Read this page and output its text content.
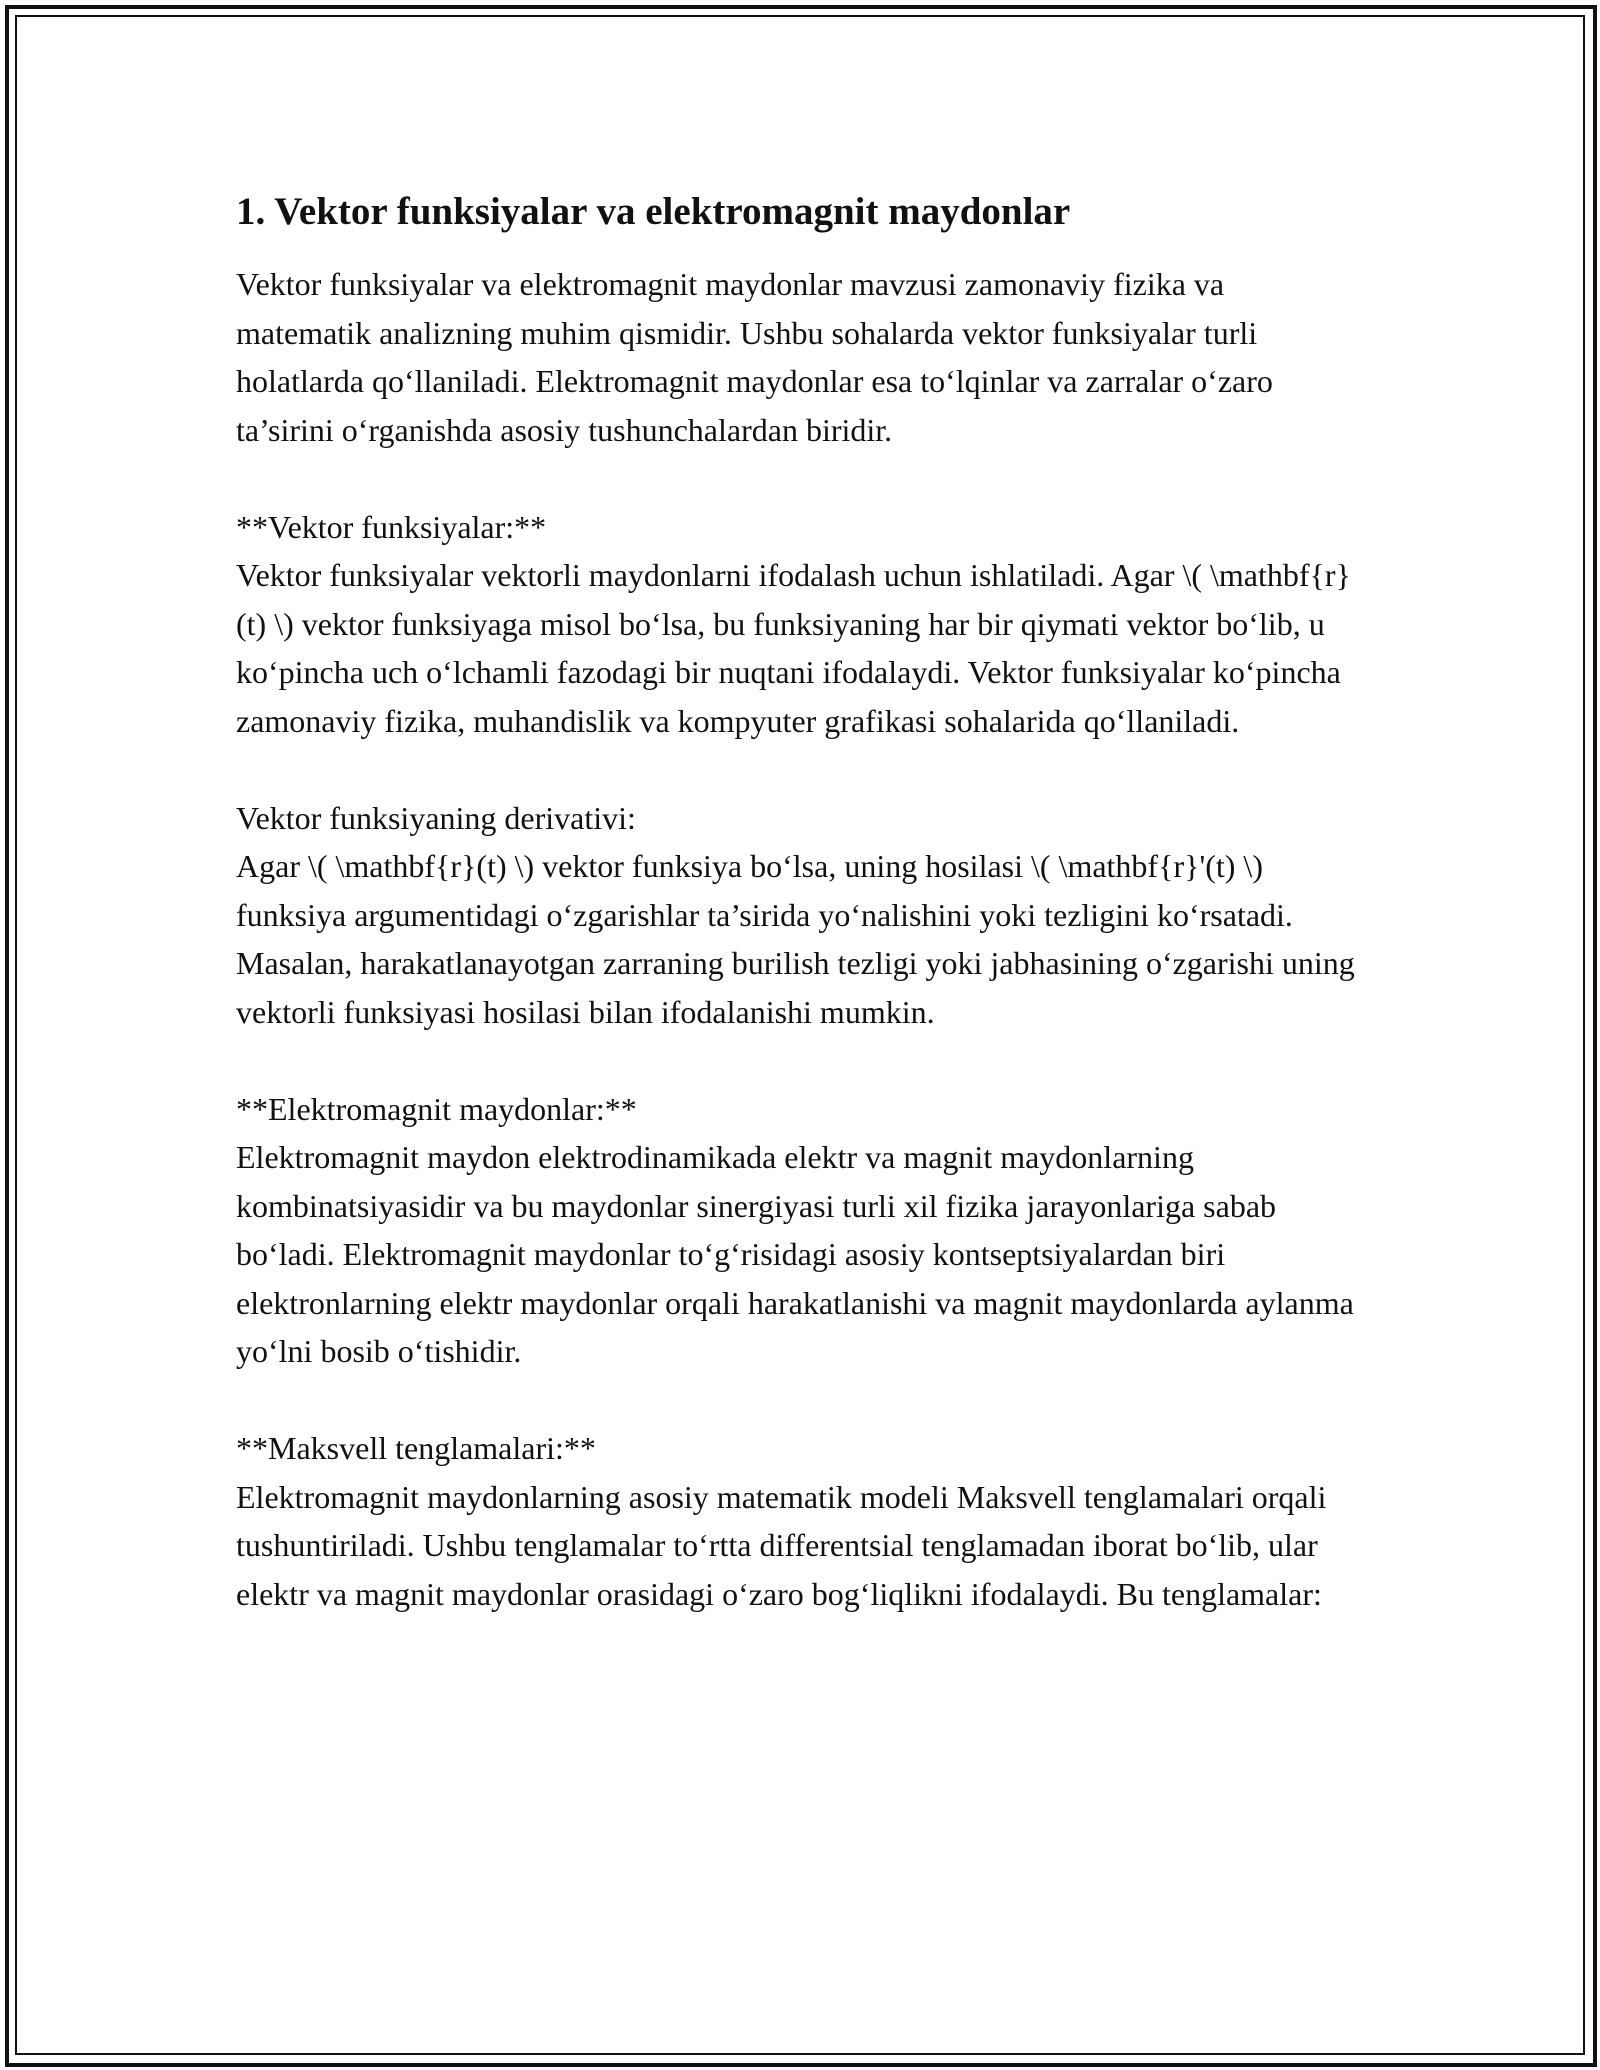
1. Vektor funksiyalar va elektromagnit maydonlar

Vektor funksiyalar va elektromagnit maydonlar mavzusi zamonaviy fizika va matematik analizning muhim qismidir. Ushbu sohalarda vektor funksiyalar turli holatlarda qo‘llaniladi. Elektromagnit maydonlar esa to‘lqinlar va zarralar o‘zaro ta’sirini o‘rganishda asosiy tushunchalardan biridir.

**Vektor funksiyalar:**

Vektor funksiyalar vektorli maydonlarni ifodalash uchun ishlatiladi. Agar \( \mathbf{r}(t) \) vektor funksiyaga misol bo‘lsa, bu funksiyaning har bir qiymati vektor bo‘lib, u ko‘pincha uch o‘lchamli fazodagi bir nuqtani ifodalaydi. Vektor funksiyalar ko‘pincha zamonaviy fizika, muhandislik va kompyuter grafikasi sohalarida qo‘llaniladi.

Vektor funksiyaning derivativi:

Agar \( \mathbf{r}(t) \) vektor funksiya bo‘lsa, uning hosilasi \( \mathbf{r}'(t) \) funksiya argumentidagi o‘zgarishlar ta’sirida yo‘nalishini yoki tezligini ko‘rsatadi. Masalan, harakatlanayotgan zarraning burilish tezligi yoki jabhasining o‘zgarishi uning vektorli funksiyasi hosilasi bilan ifodalanishi mumkin.

**Elektromagnit maydonlar:**

Elektromagnit maydon elektrodinamikada elektr va magnit maydonlarning kombinatsiyasidir va bu maydonlar sinergiyasi turli xil fizika jarayonlariga sabab bo‘ladi. Elektromagnit maydonlar to‘g‘risidagi asosiy kontseptsiyalardan biri elektronlarning elektr maydonlar orqali harakatlanishi va magnit maydonlarda aylanma yo‘lni bosib o‘tishidir.

**Maksvell tenglamalari:**

Elektromagnit maydonlarning asosiy matematik modeli Maksvell tenglamalari orqali tushuntiriladi. Ushbu tenglamalar to‘rtta differentsial tenglamadan iborat bo‘lib, ular elektr va magnit maydonlar orasidagi o‘zaro bog‘liqlikni ifodalaydi. Bu tenglamalar:
